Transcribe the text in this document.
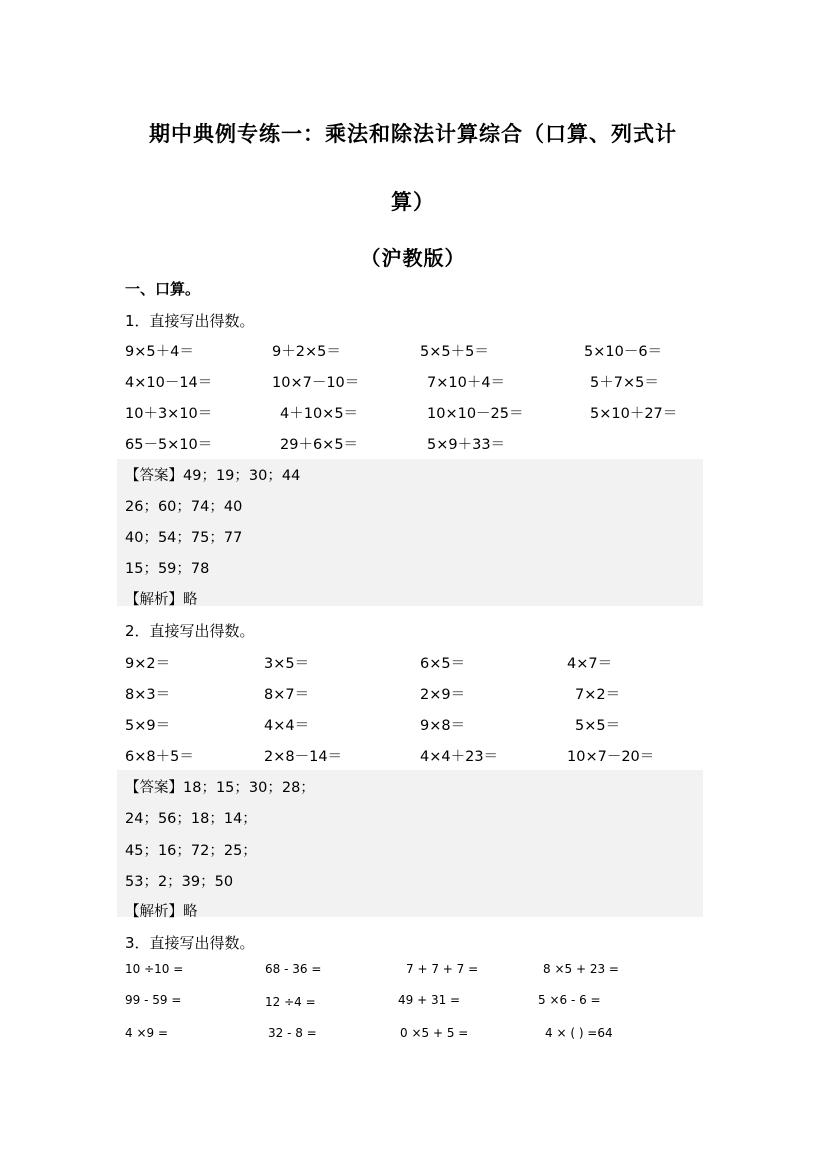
期中典例专练一：乘法和除法计算综合（口算、列式计
算）
（沪教版）
一、口算。
1．直接写出得数。
9×5＋4＝	9＋2×5＝	5×5＋5＝	5×10－6＝
4×10－14＝	10×7－10＝	7×10＋4＝	5＋7×5＝
10＋3×10＝	4＋10×5＝	10×10－25＝	5×10＋27＝
65－5×10＝	29＋6×5＝	5×9＋33＝
【答案】49；19；30；44
26；60；74；40
40；54；75；77
15；59；78
【解析】略
2．直接写出得数。
9×2＝	3×5＝	6×5＝	4×7＝
8×3＝	8×7＝	2×9＝	7×2＝
5×9＝	4×4＝	9×8＝	5×5＝
6×8＋5＝	2×8－14＝	4×4＋23＝	10×7－20＝
【答案】18；15；30；28；
24；56；18；14；
45；16；72；25；
53；2；39；50
【解析】略
3．直接写出得数。
10 ÷10 =	68 - 36 =	7 + 7 + 7 =	8 ×5 + 23 =
99 - 59 =	12 ÷4 =	49 + 31 =	5 ×6 - 6 =
4 ×9 =	32 - 8 =	0 ×5 + 5 =	4 × ( ) =64
